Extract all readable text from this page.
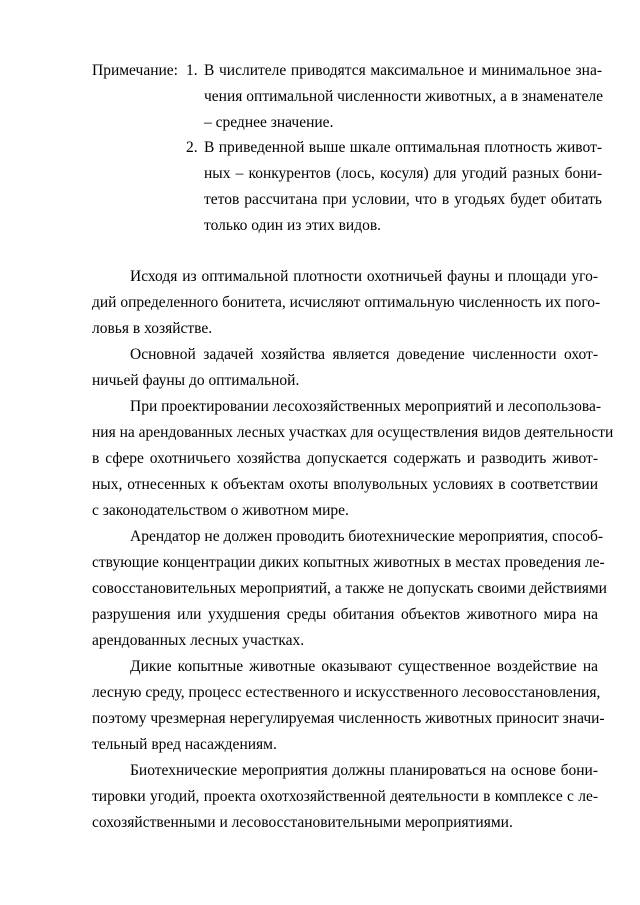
Примечание: 1. В числителе приводятся максимальное и минимальное зна-
чения оптимальной численности животных, а в знаменателе
– среднее значение.
2. В приведенной выше шкале оптимальная плотность живот-
ных – конкурентов (лось, косуля) для угодий разных бони-
тетов рассчитана при условии, что в угодьях будет обитать
только один из этих видов.
Исходя из оптимальной плотности охотничьей фауны и площади уго-
дий определенного бонитета, исчисляют оптимальную численность их пого-
ловья в хозяйстве.
Основной задачей хозяйства является доведение численности охот-
ничьей фауны до оптимальной.
При проектировании лесохозяйственных мероприятий и лесопользова-
ния на арендованных лесных участках для осуществления видов деятельности
в сфере охотничьего хозяйства допускается содержать и разводить живот-
ных, отнесенных к объектам охоты вполувольных условиях в соответствии
с законодательством о животном мире.
Арендатор не должен проводить биотехнические мероприятия, способ-
ствующие концентрации диких копытных животных в местах проведения ле-
совосстановительных мероприятий, а также не допускать своими действиями
разрушения или ухудшения среды обитания объектов животного мира на
арендованных лесных участках.
Дикие копытные животные оказывают существенное воздействие на
лесную среду, процесс естественного и искусственного лесовосстановления,
поэтому чрезмерная нерегулируемая численность животных приносит значи-
тельный вред насаждениям.
Биотехнические мероприятия должны планироваться на основе бони-
тировки угодий, проекта охотхозяйственной деятельности в комплексе с ле-
сохозяйственными и лесовосстановительными мероприятиями.
